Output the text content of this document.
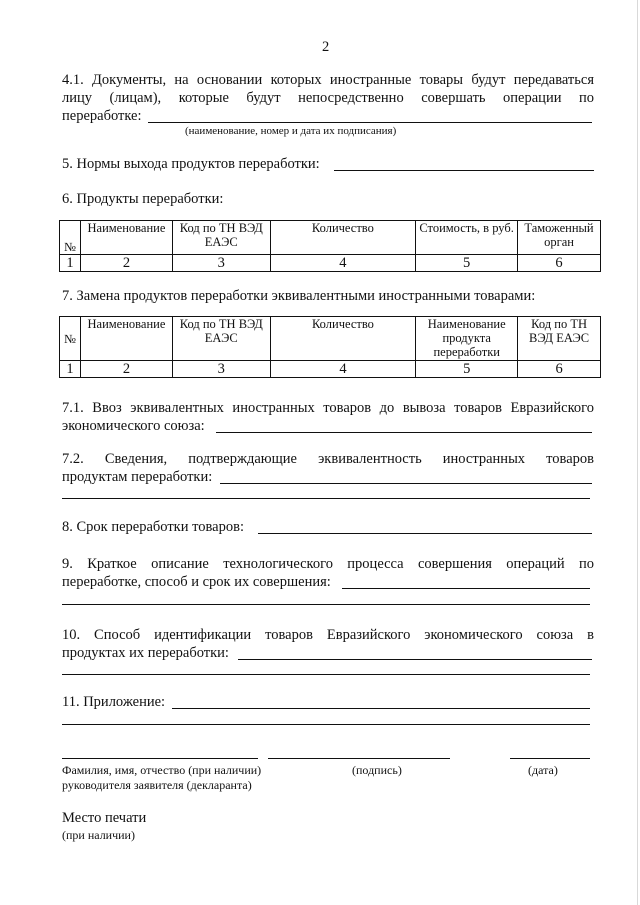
2
4.1. Документы, на основании которых иностранные товары будут передаваться
лицу (лицам), которые будут непосредственно совершать операции по
переработке:
(наименование, номер и дата их подписания)
5. Нормы выхода продуктов переработки:
6. Продукты переработки:
№	Наименование	Код по ТН ВЭД ЕАЭС	Количество	Стоимость, в руб.	Таможенный орган
1	2	3	4	5	6
7. Замена продуктов переработки эквивалентными иностранными товарами:
№	Наименование	Код по ТН ВЭД ЕАЭС	Количество	Наименование продукта переработки	Код по ТН ВЭД ЕАЭС
1	2	3	4	5	6
7.1. Ввоз эквивалентных иностранных товаров до вывоза товаров Евразийского
экономического союза:
7.2. Сведения, подтверждающие эквивалентность иностранных товаров
продуктам переработки:
8. Срок переработки товаров:
9. Краткое описание технологического процесса совершения операций по
переработке, способ и срок их совершения:
10. Способ идентификации товаров Евразийского экономического союза в
продуктах их переработки:
11. Приложение:
Фамилия, имя, отчество (при наличии)
руководителя заявителя (декларанта)
(подпись)	(дата)
Место печати
(при наличии)
